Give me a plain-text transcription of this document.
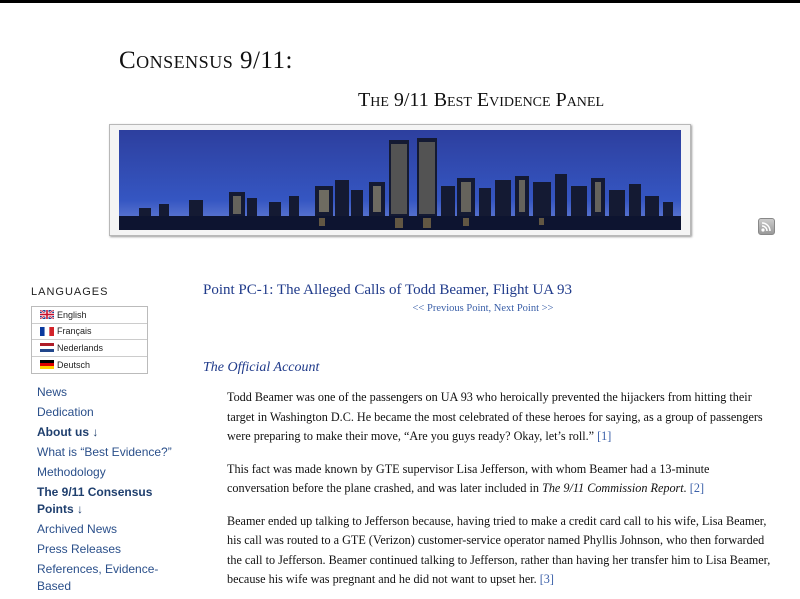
Consensus 9/11:
The 9/11 Best Evidence Panel
LANGUAGES
English
Français
Nederlands
Deutsch
News
Dedication
About us ↓
What is “Best Evidence?”
Methodology
The 9/11 Consensus Points ↓
Archived News
Press Releases
References, Evidence-Based
Point PC-1: The Alleged Calls of Todd Beamer, Flight UA 93
<< Previous Point, Next Point >>
The Official Account

Todd Beamer was one of the passengers on UA 93 who heroically prevented the hijackers from hitting their target in Washington D.C. He became the most celebrated of these heroes for saying, as a group of passengers were preparing to make their move, “Are you guys ready? Okay, let’s roll.” [1]

This fact was made known by GTE supervisor Lisa Jefferson, with whom Beamer had a 13-minute conversation before the plane crashed, and was later included in The 9/11 Commission Report. [2]

Beamer ended up talking to Jefferson because, having tried to make a credit card call to his wife, Lisa Beamer, his call was routed to a GTE (Verizon) customer-service operator named Phyllis Johnson, who then forwarded the call to Jefferson. Beamer continued talking to Jefferson, rather than having her transfer him to Lisa Beamer, because his wife was pregnant and he did not want to upset her. [3]
